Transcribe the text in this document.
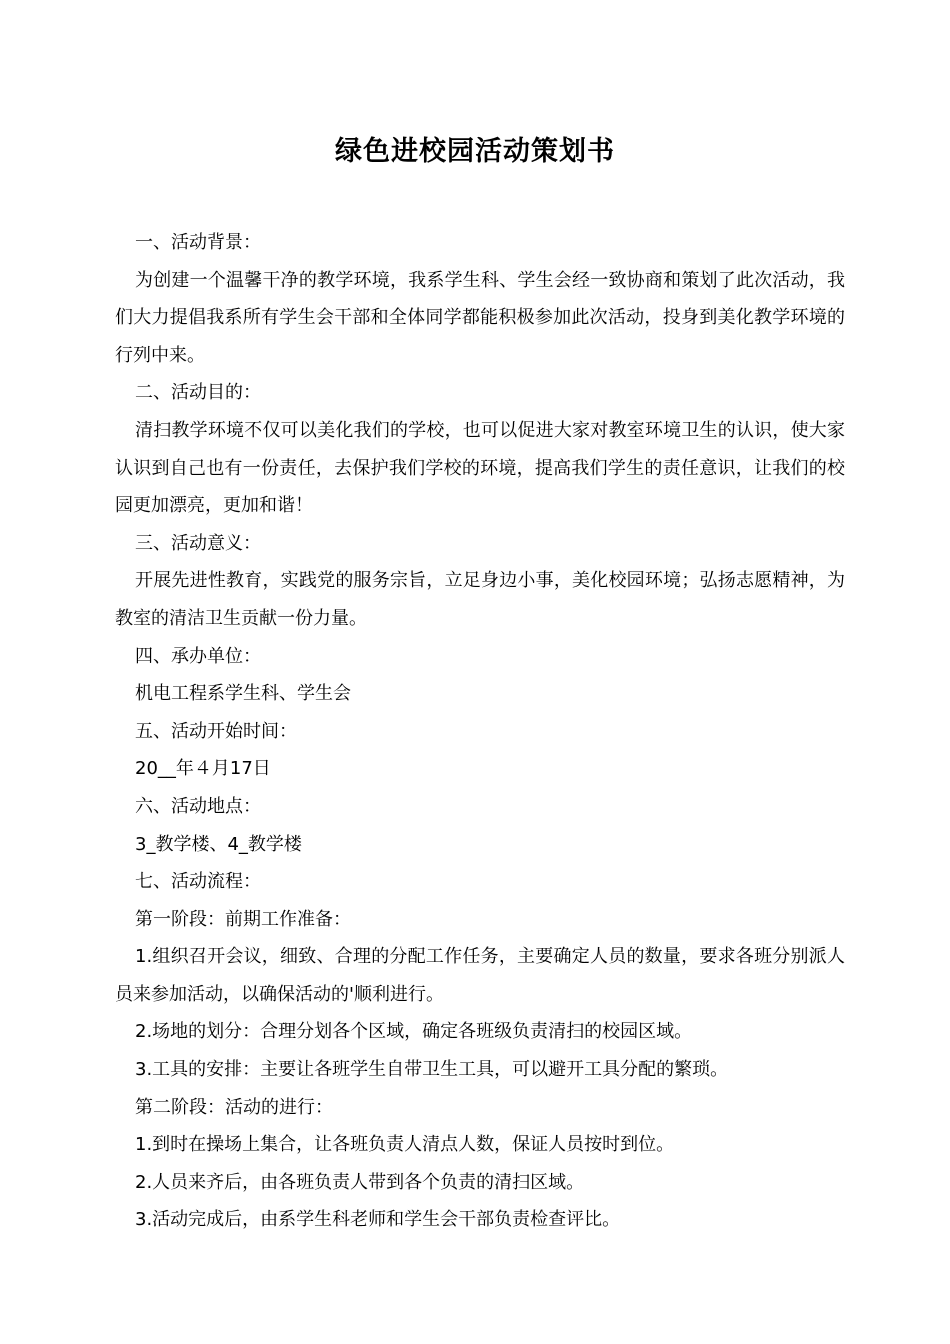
绿色进校园活动策划书

一、活动背景：

为创建一个温馨干净的教学环境，我系学生科、学生会经一致协商和策划了此次活动，我们大力提倡我系所有学生会干部和全体同学都能积极参加此次活动，投身到美化教学环境的行列中来。

二、活动目的：

清扫教学环境不仅可以美化我们的学校，也可以促进大家对教室环境卫生的认识，使大家认识到自己也有一份责任，去保护我们学校的环境，提高我们学生的责任意识，让我们的校园更加漂亮，更加和谐！

三、活动意义：

开展先进性教育，实践党的服务宗旨，立足身边小事，美化校园环境；弘扬志愿精神，为教室的清洁卫生贡献一份力量。

四、承办单位：

机电工程系学生科、学生会

五、活动开始时间：

20__年４月17日

六、活动地点：

3_教学楼、4_教学楼

七、活动流程：

第一阶段：前期工作准备：

1.组织召开会议，细致、合理的分配工作任务，主要确定人员的数量，要求各班分别派人员来参加活动，以确保活动的'顺利进行。

2.场地的划分：合理分划各个区域，确定各班级负责清扫的校园区域。

3.工具的安排：主要让各班学生自带卫生工具，可以避开工具分配的繁琐。

第二阶段：活动的进行：

1.到时在操场上集合，让各班负责人清点人数，保证人员按时到位。

2.人员来齐后，由各班负责人带到各个负责的清扫区域。

3.活动完成后，由系学生科老师和学生会干部负责检查评比。
